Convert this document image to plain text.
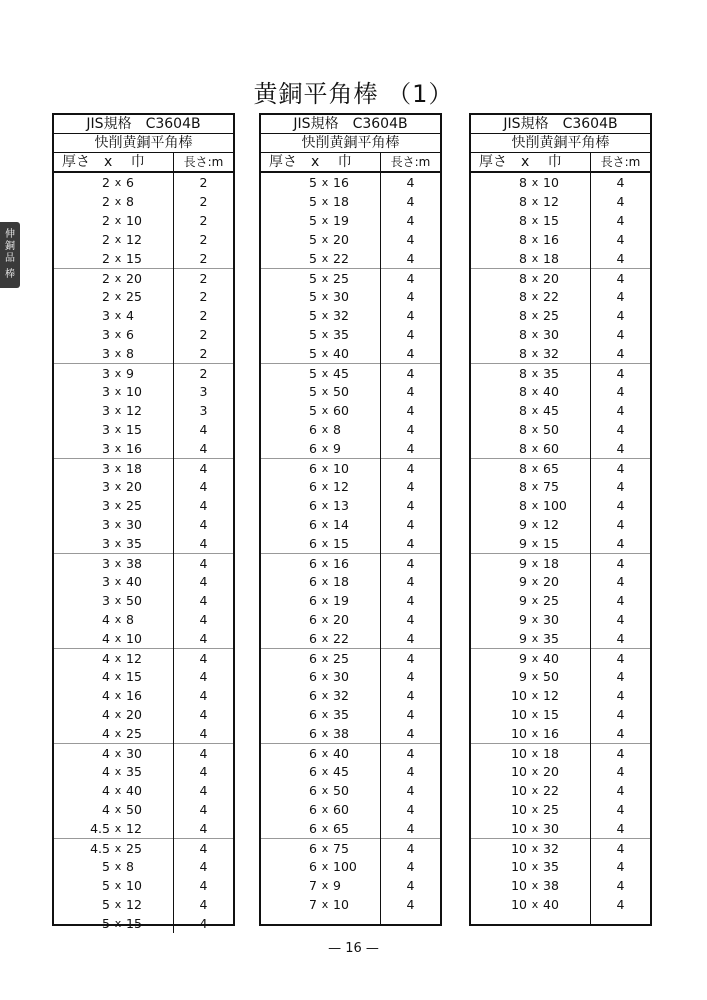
黄銅平角棒 （1）
伸
銅
品
棒
JIS規格　C3604B
快削黄銅平角棒
厚さ　x　 巾	長さ:m
2 x 6	2
2 x 8	2
2 x 10	2
2 x 12	2
2 x 15	2
2 x 20	2
2 x 25	2
3 x 4	2
3 x 6	2
3 x 8	2
3 x 9	2
3 x 10	3
3 x 12	3
3 x 15	4
3 x 16	4
3 x 18	4
3 x 20	4
3 x 25	4
3 x 30	4
3 x 35	4
3 x 38	4
3 x 40	4
3 x 50	4
4 x 8	4
4 x 10	4
4 x 12	4
4 x 15	4
4 x 16	4
4 x 20	4
4 x 25	4
4 x 30	4
4 x 35	4
4 x 40	4
4 x 50	4
4.5 x 12	4
4.5 x 25	4
5 x 8	4
5 x 10	4
5 x 12	4
5 x 15	4
JIS規格　C3604B
快削黄銅平角棒
厚さ　x　 巾	長さ:m
5 x 16	4
5 x 18	4
5 x 19	4
5 x 20	4
5 x 22	4
5 x 25	4
5 x 30	4
5 x 32	4
5 x 35	4
5 x 40	4
5 x 45	4
5 x 50	4
5 x 60	4
6 x 8	4
6 x 9	4
6 x 10	4
6 x 12	4
6 x 13	4
6 x 14	4
6 x 15	4
6 x 16	4
6 x 18	4
6 x 19	4
6 x 20	4
6 x 22	4
6 x 25	4
6 x 30	4
6 x 32	4
6 x 35	4
6 x 38	4
6 x 40	4
6 x 45	4
6 x 50	4
6 x 60	4
6 x 65	4
6 x 75	4
6 x 100	4
7 x 9	4
7 x 10	4
JIS規格　C3604B
快削黄銅平角棒
厚さ　x　 巾	長さ:m
8 x 10	4
8 x 12	4
8 x 15	4
8 x 16	4
8 x 18	4
8 x 20	4
8 x 22	4
8 x 25	4
8 x 30	4
8 x 32	4
8 x 35	4
8 x 40	4
8 x 45	4
8 x 50	4
8 x 60	4
8 x 65	4
8 x 75	4
8 x 100	4
9 x 12	4
9 x 15	4
9 x 18	4
9 x 20	4
9 x 25	4
9 x 30	4
9 x 35	4
9 x 40	4
9 x 50	4
10 x 12	4
10 x 15	4
10 x 16	4
10 x 18	4
10 x 20	4
10 x 22	4
10 x 25	4
10 x 30	4
10 x 32	4
10 x 35	4
10 x 38	4
10 x 40	4
— 16 —
